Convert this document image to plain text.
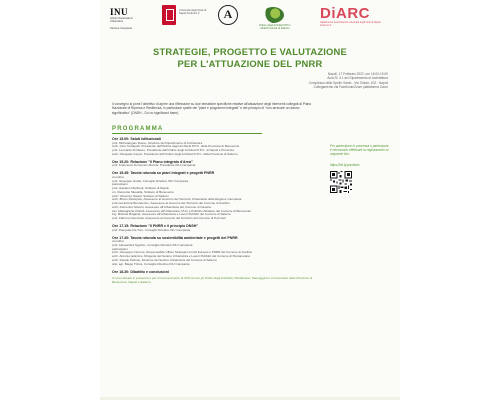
INU
Istituto Nazionale di Urbanistica
Sezione Campania
Università degli Studi di Napoli Federico II	A
Ordine degli Architetti P.P.C. della Provincia di Salerno
DiARC
dipartimento di architettura università degli studi di Napoli Federico II
STRATEGIE, PROGETTO E VALUTAZIONE
PER L'ATTUAZIONE DEL PNRR
Napoli, 17 Febbraio 2022, ore 15:00-19:00
Aula Sl. 4.1 del Dipartimento di Architettura
Complesso dello Spirito Santo - Via Toledo, 402 - Napoli
Collegamento via Facebook/Zoom piattaforma Zoom
Il convegno si pone l'obiettivo di aprire una riflessione su due tematiche specifiche relative all'attuazione degli interventi collegati al Piano Nazionale di Ripresa e Resilienza, in particolare quelle dei "piani e programmi integrati" e del principio di "non arrecare un danno significativo" (DNSH - Do no significant harm).
PROGRAMMA
Ore 15.00: Saluti istituzionali
prof. Michelangelo Russo, Direttore del Dipartimento di Architettura
arch. Gino Tertiapelli, Presidente dell'Ordine degli Architetti P.P.C. della Provincia di Benevento
prof. Leonardo Di Mauro, Presidente dell'Ordine degli Architetti P.P.C. di Napoli e Provincia
arch. Pasquale Caprio, Presidente dell'Ordine degli Architetti P.P.C. della Provincia di Salerno
Ore 15.20: Relazione "Il Piano integrato d'Area"
prof. Francesco Domenico Moccia, Presidente INU Campania
Ore 15.45: Tavola rotonda su piani integrati e progetti PNRR
coordina
prof. Giuseppe Guida, Consiglio Direttivo INU Campania
partecipano
prof. Gaetano Manfredi, Sindaco di Napoli
on. Clemente Mastella, Sindaco di Benevento
arch. Vincenzo Napoli, Sindaco di Salerno
arch. Bruno Discepolo, Assessore al Governo del Territorio Urbanistica della Regione Campania
prof.ssa Emma Buondonno, Assessore al Governo del Territorio del Comune di Avellino
arch. Domenico Moretti, Assessore all'Urbanistica del Comune di Caserta
avv. Mariagrazia Chirulli, Assessore all'Urbanistica, PUC e Politiche Abitative del Comune di Benevento
ing. Michele Brigante, Assessore all'Urbanistica e Lavori Pubblici del Comune di Salerno
prof. Fabio la Gioconda, Assessore al Governo del Territorio del Comune di Pozzuoli
Ore 17.15: Relazione "Il PNRR e il principio DNSH"
prof. Pasquale De Toro, Consiglio Direttivo INU Campania
Ore 17.40: Tavola rotonda su sostenibilità ambientale e progetti del PNRR
coordina
prof. Alessandra Sgobbo, Consiglio Direttivo INU Campania
partecipano
arch. Giuseppe Cerrone, Responsabile Ufficio Strategico Fondi Europei e PNRR del Comune di Avellino
arch. Antonio Iadicicco, Dirigente del Settore Urbanistica e Lavori Pubblici del Comune di Pietramelara
arch. Davide Pellone, Direttore del Settore Urbanistica del Comune di Salerno
dott. agr. Biagio Trinca, Consiglio Direttivo INU Campania
Ore 18.30: Dibattito e conclusioni
Il corso attuato in presenza e per il riconoscimento di CFP presso gli Ordini degli Architetti, Pianificatori, Paesaggisti e Conservatori delle Provincie di Benevento, Napoli e Salerno
Per partecipare in presenza o partecipare è necessario effettuare la registrazione al seguente link:
https://bit.ly/pnrrdiarc
